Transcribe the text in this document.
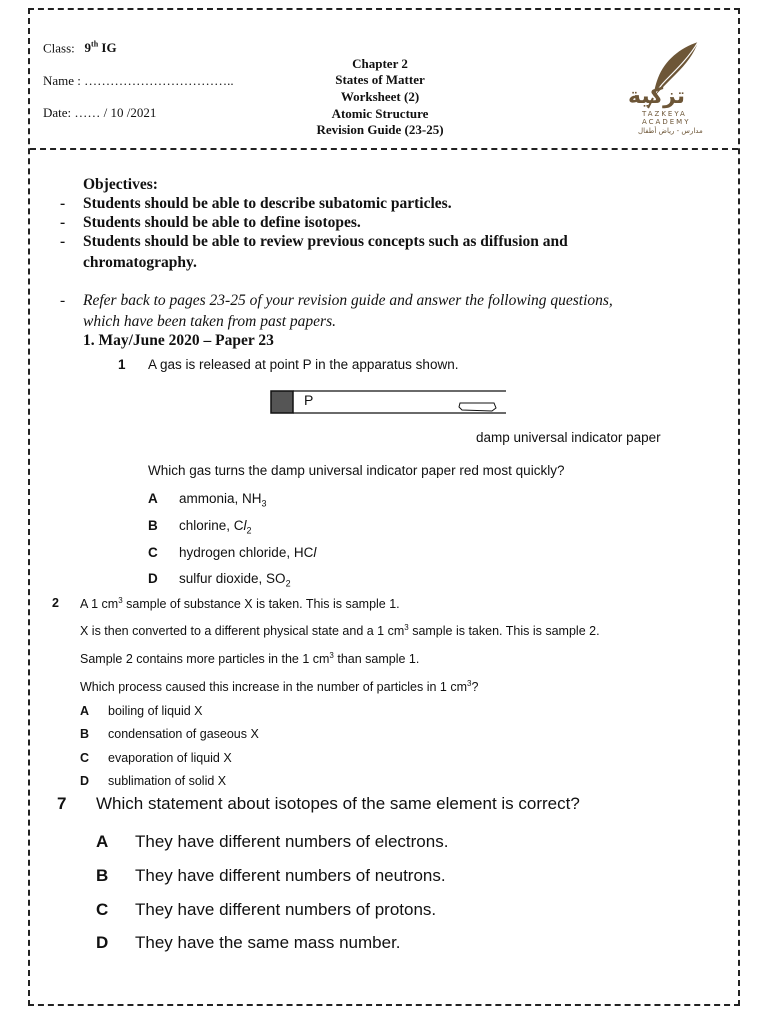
Class: 9th IG
Name : ……………………………..
Date: …… / 10 /2021
Chapter 2
States of Matter
Worksheet (2)
Atomic Structure
Revision Guide (23-25)
تزكية
TAZKEYA
ACADEMY
مدارس - رياض أطفال
Objectives:
- Students should be able to describe subatomic particles.
- Students should be able to define isotopes.
- Students should be able to review previous concepts such as diffusion and
chromatography.
- Refer back to pages 23-25 of your revision guide and answer the following questions,
which have been taken from past papers.
1. May/June 2020 – Paper 23
1 A gas is released at point P in the apparatus shown.
P
damp universal indicator paper
Which gas turns the damp universal indicator paper red most quickly?
A ammonia, $NH_3$
B chlorine, $Cl_2$
C hydrogen chloride, HCl
D sulfur dioxide, $SO_2$
2 A 1 $cm^3$ sample of substance X is taken. This is sample 1.
X is then converted to a different physical state and a 1 $cm^3$ sample is taken. This is sample 2.
Sample 2 contains more particles in the 1 $cm^3$ than sample 1.
Which process caused this increase in the number of particles in 1 $cm^3$?
A boiling of liquid X
B condensation of gaseous X
C evaporation of liquid X
D sublimation of solid X
7 Which statement about isotopes of the same element is correct?
A They have different numbers of electrons.
B They have different numbers of neutrons.
C They have different numbers of protons.
D They have the same mass number.
